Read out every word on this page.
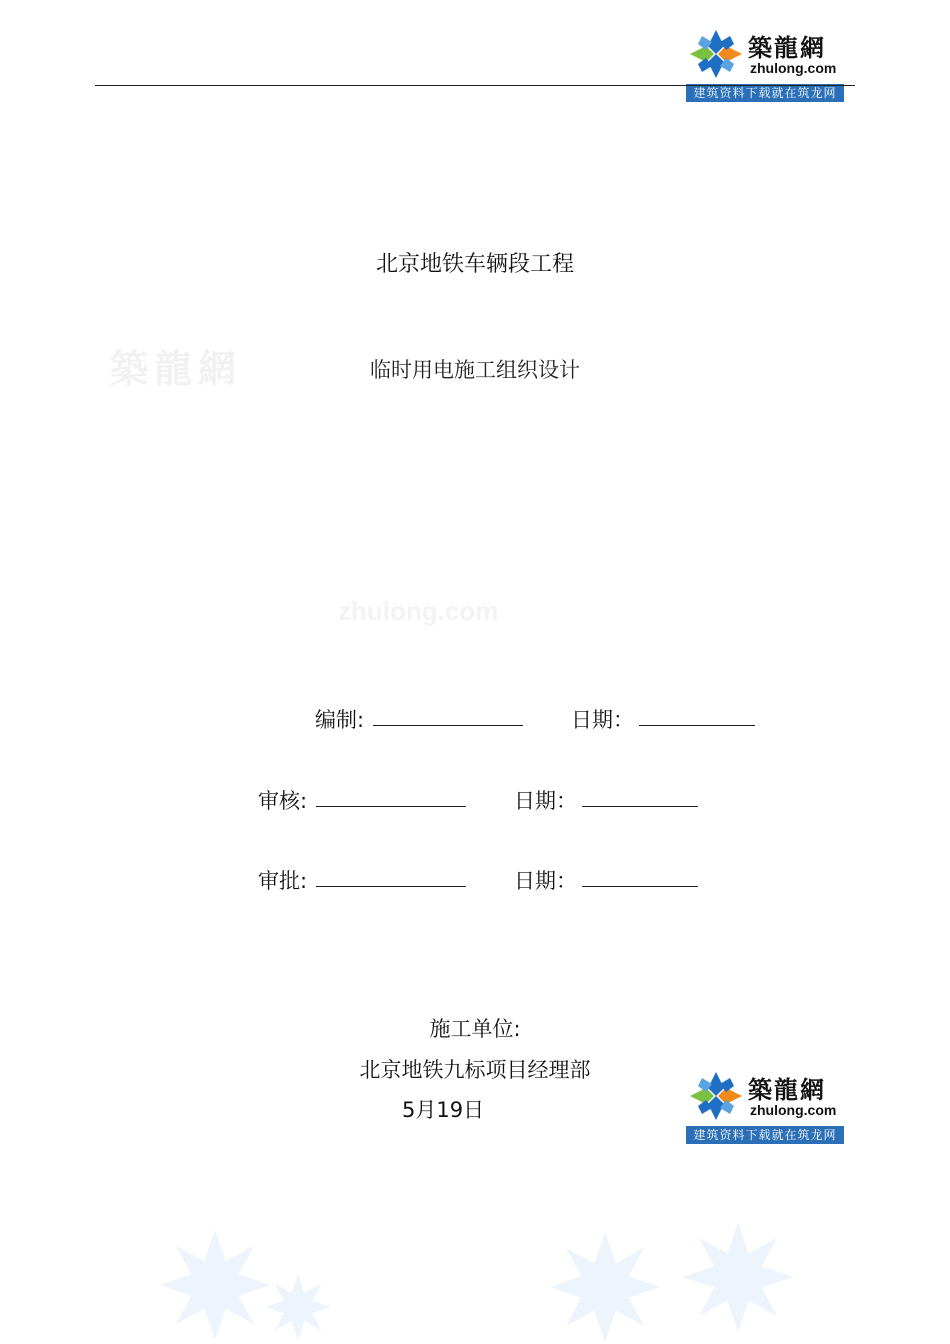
築龍網
zhulong.com
建筑资料下载就在筑龙网
築龍網
zhulong.com
北京地铁车辆段工程
临时用电施工组织设计
编制:	日期：
审核:	日期：
审批:	日期：
施工单位:
北京地铁九标项目经理部
5月19日
築龍網
zhulong.com
建筑资料下载就在筑龙网
